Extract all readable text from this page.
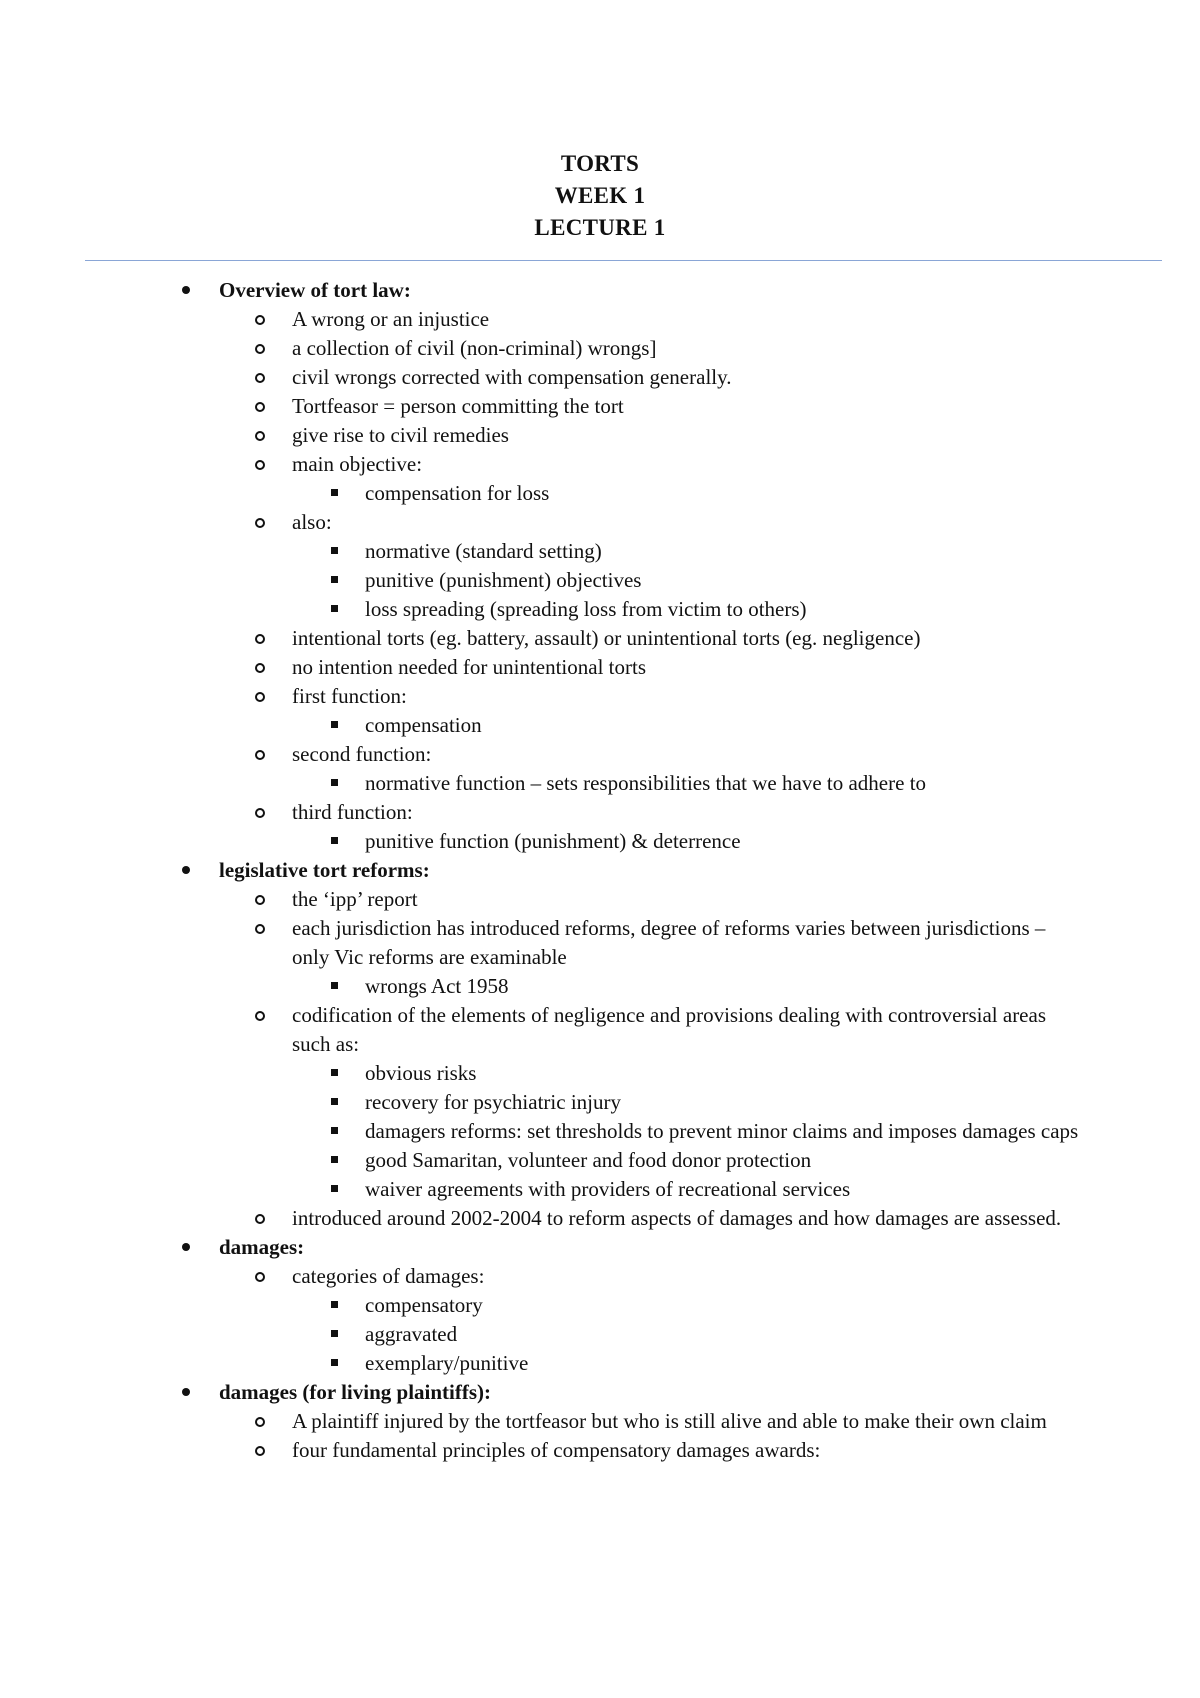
TORTS
WEEK 1
LECTURE 1
Overview of tort law:
A wrong or an injustice
a collection of civil (non-criminal) wrongs]
civil wrongs corrected with compensation generally.
Tortfeasor = person committing the tort
give rise to civil remedies
main objective:
compensation for loss
also:
normative (standard setting)
punitive (punishment) objectives
loss spreading (spreading loss from victim to others)
intentional torts (eg. battery, assault) or unintentional torts (eg. negligence)
no intention needed for unintentional torts
first function:
compensation
second function:
normative function – sets responsibilities that we have to adhere to
third function:
punitive function (punishment) & deterrence
legislative tort reforms:
the ‘ipp’ report
each jurisdiction has introduced reforms, degree of reforms varies between jurisdictions – only Vic reforms are examinable
wrongs Act 1958
codification of the elements of negligence and provisions dealing with controversial areas such as:
obvious risks
recovery for psychiatric injury
damagers reforms: set thresholds to prevent minor claims and imposes damages caps
good Samaritan, volunteer and food donor protection
waiver agreements with providers of recreational services
introduced around 2002-2004 to reform aspects of damages and how damages are assessed.
damages:
categories of damages:
compensatory
aggravated
exemplary/punitive
damages (for living plaintiffs):
A plaintiff injured by the tortfeasor but who is still alive and able to make their own claim
four fundamental principles of compensatory damages awards:
